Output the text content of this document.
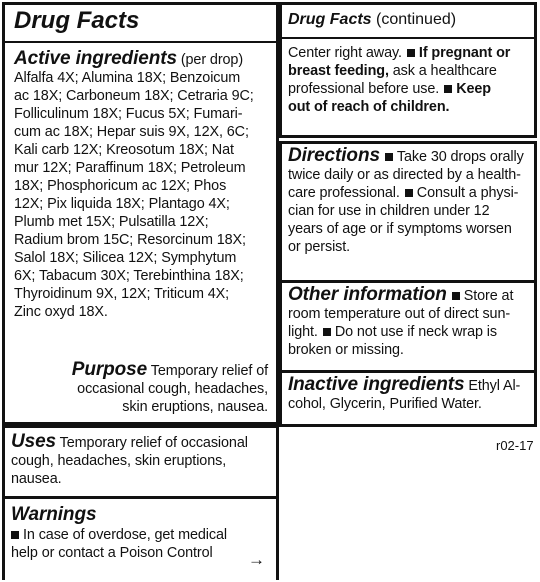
Drug Facts
Active ingredients (per drop)
Alfalfa 4X; Alumina 18X; Benzoicum
ac 18X; Carboneum 18X; Cetraria 9C;
Folliculinum 18X; Fucus 5X; Fumari-
cum ac 18X; Hepar suis 9X, 12X, 6C;
Kali carb 12X; Kreosotum 18X; Nat
mur 12X; Paraffinum 18X; Petroleum
18X; Phosphoricum ac 12X; Phos
12X; Pix liquida 18X; Plantago 4X;
Plumb met 15X; Pulsatilla 12X;
Radium brom 15C; Resorcinum 18X;
Salol 18X; Silicea 12X; Symphytum
6X; Tabacum 30X; Terebinthina 18X;
Thyroidinum 9X, 12X; Triticum 4X;
Zinc oxyd 18X.
Purpose Temporary relief of
occasional cough, headaches,
skin eruptions, nausea.
Drug Facts (continued)
Center right away. If pregnant or
breast feeding, ask a healthcare
professional before use. Keep
out of reach of children.
Directions Take 30 drops orally
twice daily or as directed by a health-
care professional. Consult a physi-
cian for use in children under 12
years of age or if symptoms worsen
or persist.
Other information Store at
room temperature out of direct sun-
light. Do not use if neck wrap is
broken or missing.
Inactive ingredients Ethyl Al-
cohol, Glycerin, Purified Water.
r02-17
Uses Temporary relief of occasional
cough, headaches, skin eruptions,
nausea.
Warnings
In case of overdose, get medical
help or contact a Poison Control	→
